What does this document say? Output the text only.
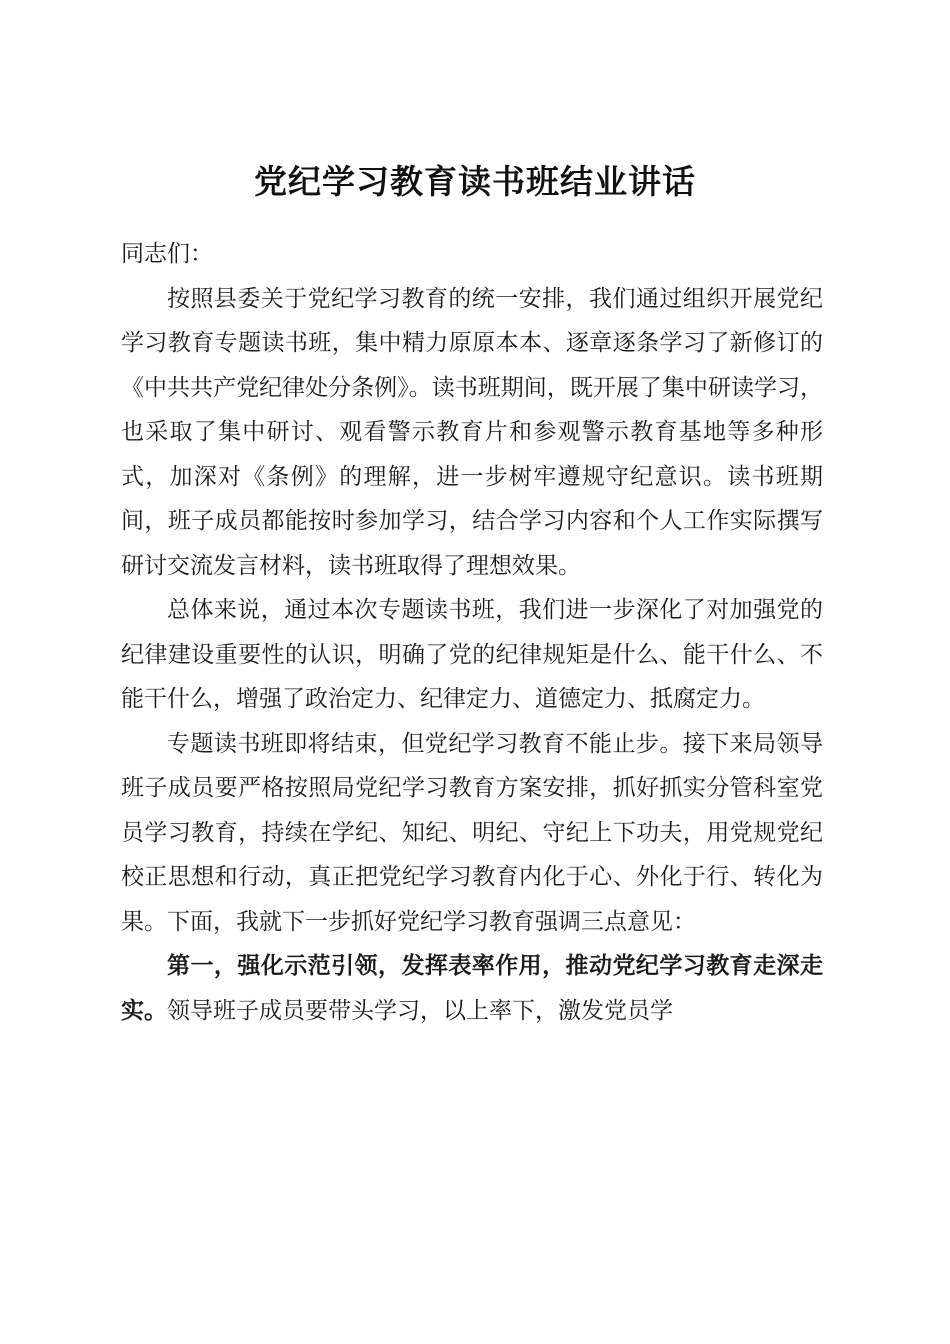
党纪学习教育读书班结业讲话

同志们：

按照县委关于党纪学习教育的统一安排，我们通过组织开展党纪学习教育专题读书班，集中精力原原本本、逐章逐条学习了新修订的《中共共产党纪律处分条例》。读书班期间，既开展了集中研读学习，也采取了集中研讨、观看警示教育片和参观警示教育基地等多种形式，加深对《条例》的理解，进一步树牢遵规守纪意识。读书班期间，班子成员都能按时参加学习，结合学习内容和个人工作实际撰写研讨交流发言材料，读书班取得了理想效果。

总体来说，通过本次专题读书班，我们进一步深化了对加强党的纪律建设重要性的认识，明确了党的纪律规矩是什么、能干什么、不能干什么，增强了政治定力、纪律定力、道德定力、抵腐定力。

专题读书班即将结束，但党纪学习教育不能止步。接下来局领导班子成员要严格按照局党纪学习教育方案安排，抓好抓实分管科室党员学习教育，持续在学纪、知纪、明纪、守纪上下功夫，用党规党纪校正思想和行动，真正把党纪学习教育内化于心、外化于行、转化为果。下面，我就下一步抓好党纪学习教育强调三点意见：

第一，强化示范引领，发挥表率作用，推动党纪学习教育走深走实。领导班子成员要带头学习，以上率下，激发党员学
